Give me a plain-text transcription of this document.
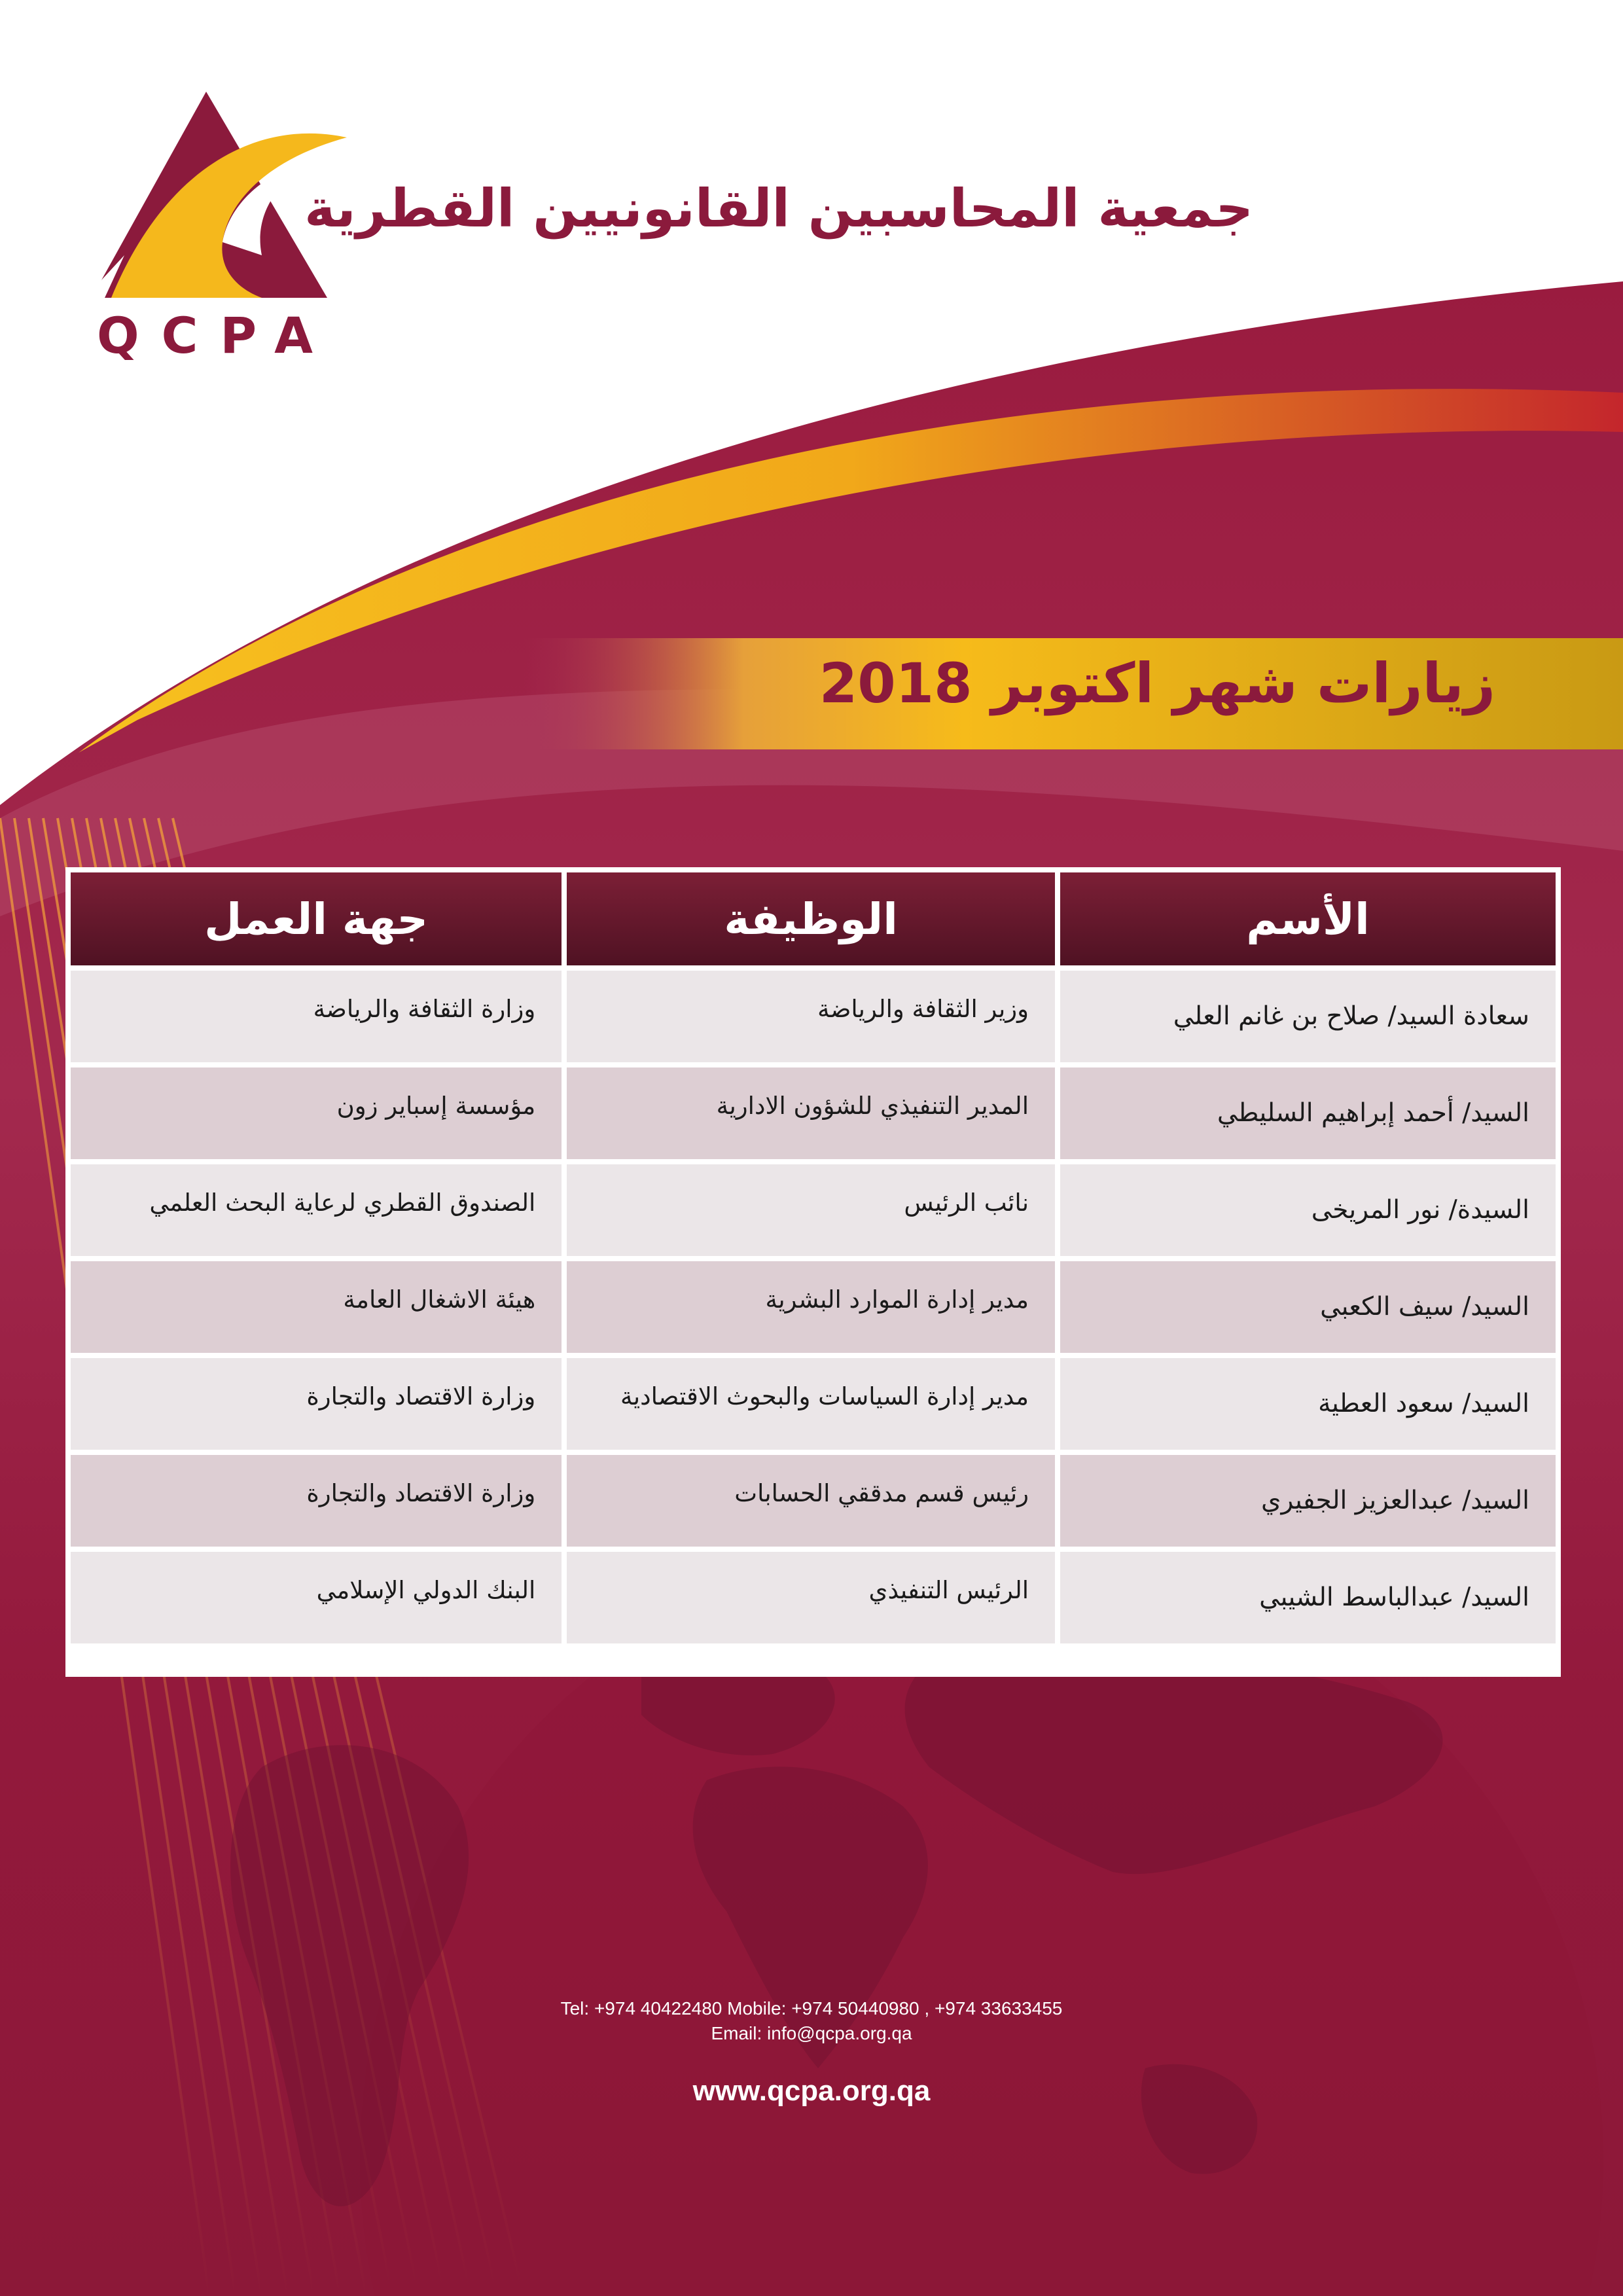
QCPA
جمعية المحاسبين القانونيين القطرية
زيارات شهر اكتوبر 2018
الأسم	الوظيفة	جهة العمل
سعادة السيد/ صلاح بن غانم العلي	وزير الثقافة والرياضة	وزارة الثقافة والرياضة
السيد/ أحمد إبراهيم السليطي	المدير التنفيذي للشؤون الادارية	مؤسسة إسباير زون
السيدة/ نور المريخى	نائب الرئيس	الصندوق القطري لرعاية البحث العلمي
السيد/ سيف الكعبي	مدير إدارة الموارد البشرية	هيئة الاشغال العامة
السيد/ سعود العطية	مدير إدارة السياسات والبحوث الاقتصادية	وزارة الاقتصاد والتجارة
السيد/ عبدالعزيز الجفيري	رئيس قسم مدققي الحسابات	وزارة الاقتصاد والتجارة
السيد/ عبدالباسط الشيبي	الرئيس التنفيذي	البنك الدولي الإسلامي
Tel: +974 40422480 Mobile: +974 50440980 , +974 33633455
Email: info@qcpa.org.qa
www.qcpa.org.qa
